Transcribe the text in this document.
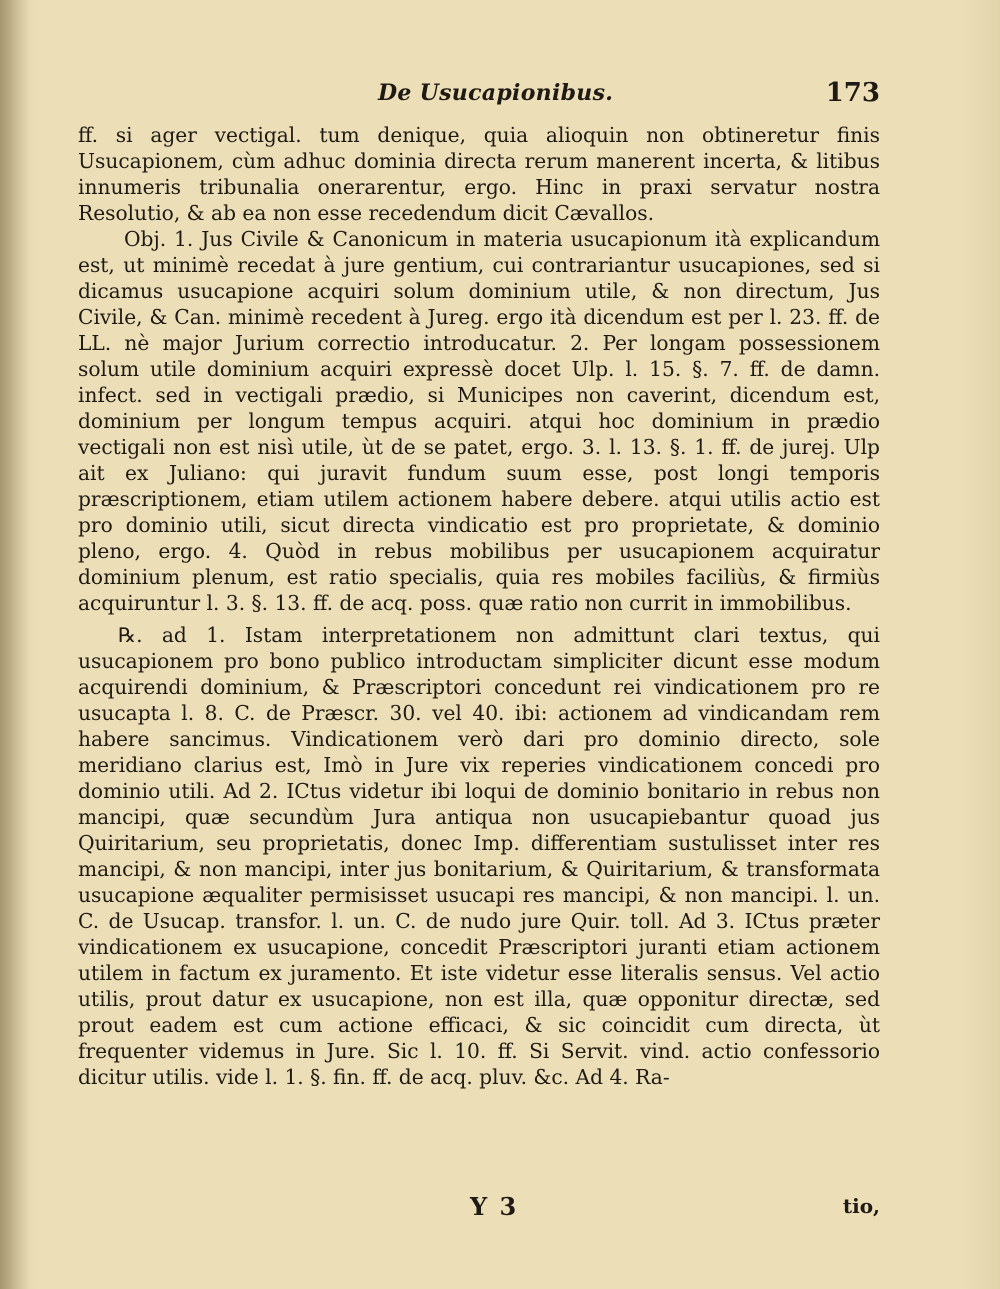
De Usucapionibus.	173

ff. si ager vectigal. tum denique, quia alioquin non obtineretur finis Usucapionem, cùm adhuc dominia directa rerum manerent incerta, & litibus innumeris tribunalia onerarentur, ergo. Hinc in praxi servatur nostra Resolutio, & ab ea non esse recedendum dicit Cævallos.

Obj. 1. Jus Civile & Canonicum in materia usucapionum ità explicandum est, ut minimè recedat à jure gentium, cui contrariantur usucapiones, sed si dicamus usucapione acquiri solum dominium utile, & non directum, Jus Civile, & Can. minimè recedent à Jureg. ergo ità dicendum est per l. 23. ff. de LL. nè major Jurium correctio introducatur. 2. Per longam possessionem solum utile dominium acquiri expressè docet Ulp. l. 15. §. 7. ff. de damn. infect. sed in vectigali prædio, si Municipes non caverint, dicendum est, dominium per longum tempus acquiri. atqui hoc dominium in prædio vectigali non est nisì utile, ùt de se patet, ergo. 3. l. 13. §. 1. ff. de jurej. Ulp ait ex Juliano: qui juravit fundum suum esse, post longi temporis præscriptionem, etiam utilem actionem habere debere. atqui utilis actio est pro dominio utili, sicut directa vindicatio est pro proprietate, & dominio pleno, ergo. 4. Quòd in rebus mobilibus per usucapionem acquiratur dominium plenum, est ratio specialis, quia res mobiles faciliùs, & firmiùs acquiruntur l. 3. §. 13. ff. de acq. poss. quæ ratio non currit in immobilibus.

℞. ad 1. Istam interpretationem non admittunt clari textus, qui usucapionem pro bono publico introductam simpliciter dicunt esse modum acquirendi dominium, & Præscriptori concedunt rei vindicationem pro re usucapta l. 8. C. de Præscr. 30. vel 40. ibi: actionem ad vindicandam rem habere sancimus. Vindicationem verò dari pro dominio directo, sole meridiano clarius est, Imò in Jure vix reperies vindicationem concedi pro dominio utili. Ad 2. ICtus videtur ibi loqui de dominio bonitario in rebus non mancipi, quæ secundùm Jura antiqua non usucapiebantur quoad jus Quiritarium, seu proprietatis, donec Imp. differentiam sustulisset inter res mancipi, & non mancipi, inter jus bonitarium, & Quiritarium, & transformata usucapione æqualiter permisisset usucapi res mancipi, & non mancipi. l. un. C. de Usucap. transfor. l. un. C. de nudo jure Quir. toll. Ad 3. ICtus præter vindicationem ex usucapione, concedit Præscriptori juranti etiam actionem utilem in factum ex juramento. Et iste videtur esse literalis sensus. Vel actio utilis, prout datur ex usucapione, non est illa, quæ opponitur directæ, sed prout eadem est cum actione efficaci, & sic coincidit cum directa, ùt frequenter videmus in Jure. Sic l. 10. ff. Si Servit. vind. actio confessorio dicitur utilis. vide l. 1. §. fin. ff. de acq. pluv. &c. Ad 4. Ra-

Y 3	tio,
